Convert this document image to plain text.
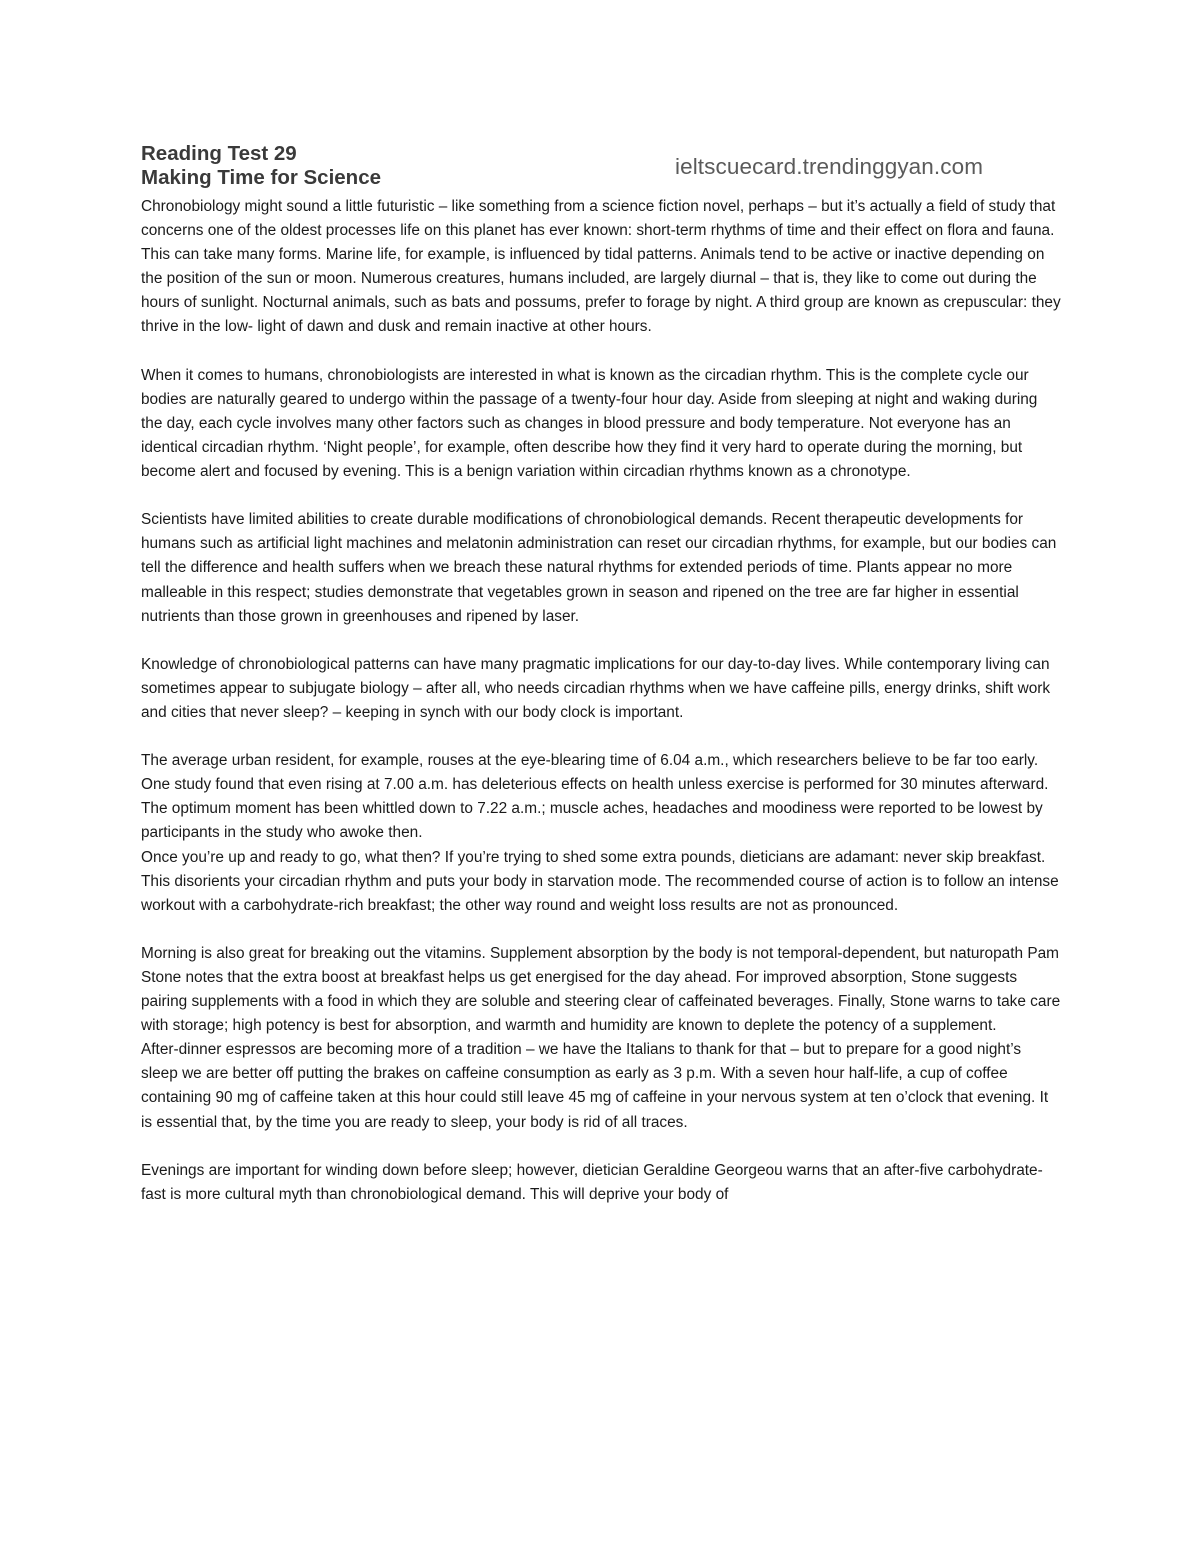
Reading Test 29

Making Time for Science	ieltscuecard.trendinggyan.com

Chronobiology might sound a little futuristic – like something from a science fiction novel, perhaps – but it’s actually a field of study that concerns one of the oldest processes life on this planet has ever known: short-term rhythms of time and their effect on flora and fauna.

This can take many forms. Marine life, for example, is influenced by tidal patterns. Animals tend to be active or inactive depending on the position of the sun or moon. Numerous creatures, humans included, are largely diurnal – that is, they like to come out during the hours of sunlight. Nocturnal animals, such as bats and possums, prefer to forage by night. A third group are known as crepuscular: they thrive in the low- light of dawn and dusk and remain inactive at other hours.

When it comes to humans, chronobiologists are interested in what is known as the circadian rhythm. This is the complete cycle our bodies are naturally geared to undergo within the passage of a twenty-four hour day. Aside from sleeping at night and waking during the day, each cycle involves many other factors such as changes in blood pressure and body temperature. Not everyone has an identical circadian rhythm. ‘Night people’, for example, often describe how they find it very hard to operate during the morning, but become alert and focused by evening. This is a benign variation within circadian rhythms known as a chronotype.

Scientists have limited abilities to create durable modifications of chronobiological demands. Recent therapeutic developments for humans such as artificial light machines and melatonin administration can reset our circadian rhythms, for example, but our bodies can tell the difference and health suffers when we breach these natural rhythms for extended periods of time. Plants appear no more malleable in this respect; studies demonstrate that vegetables grown in season and ripened on the tree are far higher in essential nutrients than those grown in greenhouses and ripened by laser.

Knowledge of chronobiological patterns can have many pragmatic implications for our day-to-day lives. While contemporary living can sometimes appear to subjugate biology – after all, who needs circadian rhythms when we have caffeine pills, energy drinks, shift work and cities that never sleep? – keeping in synch with our body clock is important.

The average urban resident, for example, rouses at the eye-blearing time of 6.04 a.m., which researchers believe to be far too early. One study found that even rising at 7.00 a.m. has deleterious effects on health unless exercise is performed for 30 minutes afterward. The optimum moment has been whittled down to 7.22 a.m.; muscle aches, headaches and moodiness were reported to be lowest by participants in the study who awoke then.

Once you’re up and ready to go, what then? If you’re trying to shed some extra pounds, dieticians are adamant: never skip breakfast. This disorients your circadian rhythm and puts your body in starvation mode. The recommended course of action is to follow an intense workout with a carbohydrate-rich breakfast; the other way round and weight loss results are not as pronounced.

Morning is also great for breaking out the vitamins. Supplement absorption by the body is not temporal-dependent, but naturopath Pam Stone notes that the extra boost at breakfast helps us get energised for the day ahead. For improved absorption, Stone suggests pairing supplements with a food in which they are soluble and steering clear of caffeinated beverages. Finally, Stone warns to take care with storage; high potency is best for absorption, and warmth and humidity are known to deplete the potency of a supplement.

After-dinner espressos are becoming more of a tradition – we have the Italians to thank for that – but to prepare for a good night’s sleep we are better off putting the brakes on caffeine consumption as early as 3 p.m. With a seven hour half-life, a cup of coffee containing 90 mg of caffeine taken at this hour could still leave 45 mg of caffeine in your nervous system at ten o’clock that evening. It is essential that, by the time you are ready to sleep, your body is rid of all traces.

Evenings are important for winding down before sleep; however, dietician Geraldine Georgeou warns that an after-five carbohydrate-fast is more cultural myth than chronobiological demand. This will deprive your body of
